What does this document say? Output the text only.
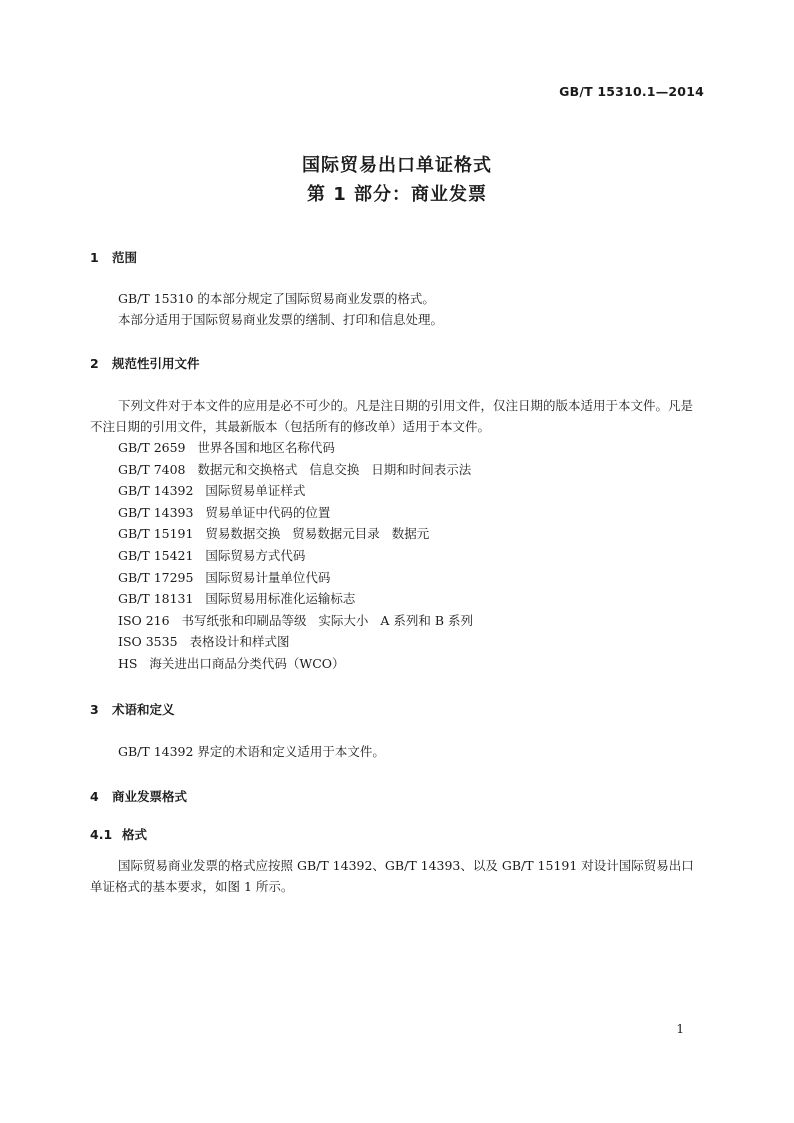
GB/T 15310.1—2014
国际贸易出口单证格式
第 1 部分：商业发票
1 范围
GB/T 15310 的本部分规定了国际贸易商业发票的格式。
本部分适用于国际贸易商业发票的缮制、打印和信息处理。
2 规范性引用文件
下列文件对于本文件的应用是必不可少的。凡是注日期的引用文件，仅注日期的版本适用于本文件。凡是不注日期的引用文件，其最新版本（包括所有的修改单）适用于本文件。
GB/T 2659   世界各国和地区名称代码
GB/T 7408   数据元和交换格式   信息交换   日期和时间表示法
GB/T 14392   国际贸易单证样式
GB/T 14393   贸易单证中代码的位置
GB/T 15191   贸易数据交换   贸易数据元目录   数据元
GB/T 15421   国际贸易方式代码
GB/T 17295   国际贸易计量单位代码
GB/T 18131   国际贸易用标准化运输标志
ISO 216   书写纸张和印刷品等级   实际大小   A 系列和 B 系列
ISO 3535   表格设计和样式图
HS   海关进出口商品分类代码（WCO）
3 术语和定义
GB/T 14392 界定的术语和定义适用于本文件。
4 商业发票格式
4.1 格式
国际贸易商业发票的格式应按照 GB/T 14392、GB/T 14393、以及 GB/T 15191 对设计国际贸易出口单证格式的基本要求，如图 1 所示。
1
